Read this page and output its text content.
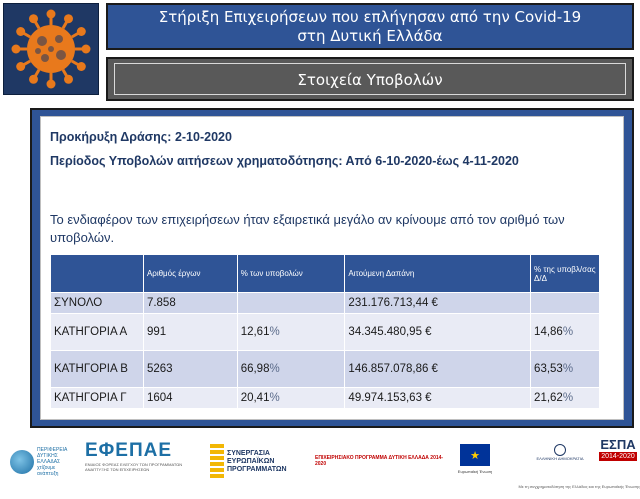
Στήριξη Επιχειρήσεων που επλήγησαν από την Covid-19
στη Δυτική Ελλάδα
Στοιχεία Υποβολών
Προκήρυξη Δράσης: 2-10-2020
Περίοδος Υποβολών αιτήσεων χρηματοδότησης: Από 6-10-2020-έως 4-11-2020
Το ενδιαφέρον των επιχειρήσεων ήταν εξαιρετικά μεγάλο αν κρίνουμε από τον αριθμό των υποβολών.
	Αριθμός έργων	% των υποβολών	Αιτούμενη Δαπάνη	% της υποβλ/σας Δ/Δ
ΣΥΝΟΛΟ	7.858		231.176.713,44 €	
ΚΑΤΗΓΟΡΙΑ Α	991	12,61%	34.345.480,95 €	14,86%
ΚΑΤΗΓΟΡΙΑ Β	5263	66,98%	146.857.078,86 €	63,53%
ΚΑΤΗΓΟΡΙΑ Γ	1604	20,41%	49.974.153,63 €	21,62%
ΠΕΡΙΦΕΡΕΙΑ ΔΥΤΙΚΗΣ ΕΛΛΑΔΑΣ
χτίζουμε ανάπτυξη
ΕΦΕΠΑΕ
ΕΝΙΑΙΟΣ ΦΟΡΕΑΣ ΕΛΕΓΧΟΥ ΤΩΝ ΠΡΟΓΡΑΜΜΑΤΩΝ ΑΝΑΠΤΥΞΗΣ ΤΩΝ ΕΠΙΧΕΙΡΗΣΕΩΝ
ΣΥΝΕΡΓΑΣΙΑ ΕΥΡΩΠΑΪΚΩΝ ΠΡΟΓΡΑΜΜΑΤΩΝ
ΕΠΙΧΕΙΡΗΣΙΑΚΟ ΠΡΟΓΡΑΜΜΑ ΔΥΤΙΚΗ ΕΛΛΑΔΑ 2014-2020
★
Ευρωπαϊκή Ένωση
ΕΛΛΗΝΙΚΗ ΔΗΜΟΚΡΑΤΙΑ
ΕΣΠΑ
2014-2020
Με τη συγχρηματοδότηση της Ελλάδας και της Ευρωπαϊκής Ένωσης
